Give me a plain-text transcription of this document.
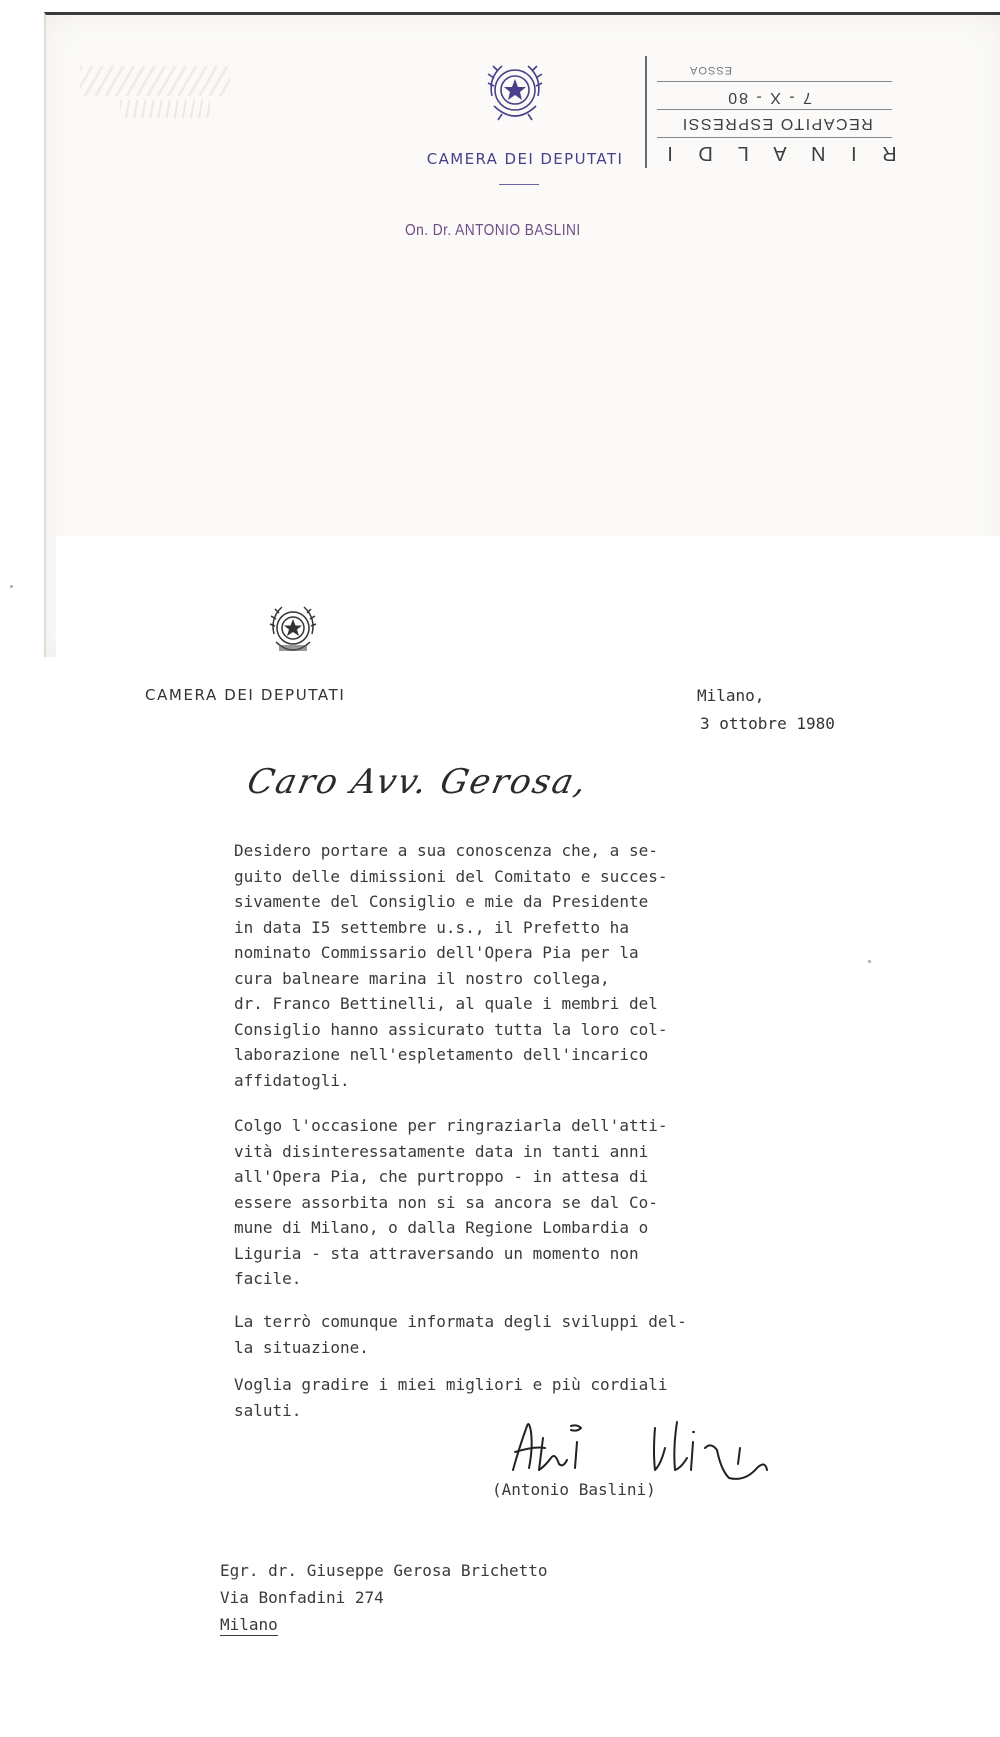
CAMERA DEI DEPUTATI
On. Dr. ANTONIO BASLINI
R I N A L D I
RECAPITO ESPRESSI
7 - X - 80
ESSOA
CAMERA DEI DEPUTATI	Milano,
3 ottobre 1980
Caro Avv. Gerosa,
Desidero portare a sua conoscenza che, a se-
guito delle dimissioni del Comitato e succes-
sivamente del Consiglio e mie da Presidente
in data I5 settembre u.s., il Prefetto ha
nominato Commissario dell'Opera Pia per la
cura balneare marina il nostro collega,
dr. Franco Bettinelli, al quale i membri del
Consiglio hanno assicurato tutta la loro col-
laborazione nell'espletamento dell'incarico
affidatogli.
Colgo l'occasione per ringraziarla dell'atti-
vità disinteressatamente data in tanti anni
all'Opera Pia, che purtroppo - in attesa di
essere assorbita non si sa ancora se dal Co-
mune di Milano, o dalla Regione Lombardia o
Liguria - sta attraversando un momento non
facile.
La terrò comunque informata degli sviluppi del-
la situazione.
Voglia gradire i miei migliori e più cordiali
saluti.
(Antonio Baslini)
Egr. dr. Giuseppe Gerosa Brichetto
Via Bonfadini 274
Milano
